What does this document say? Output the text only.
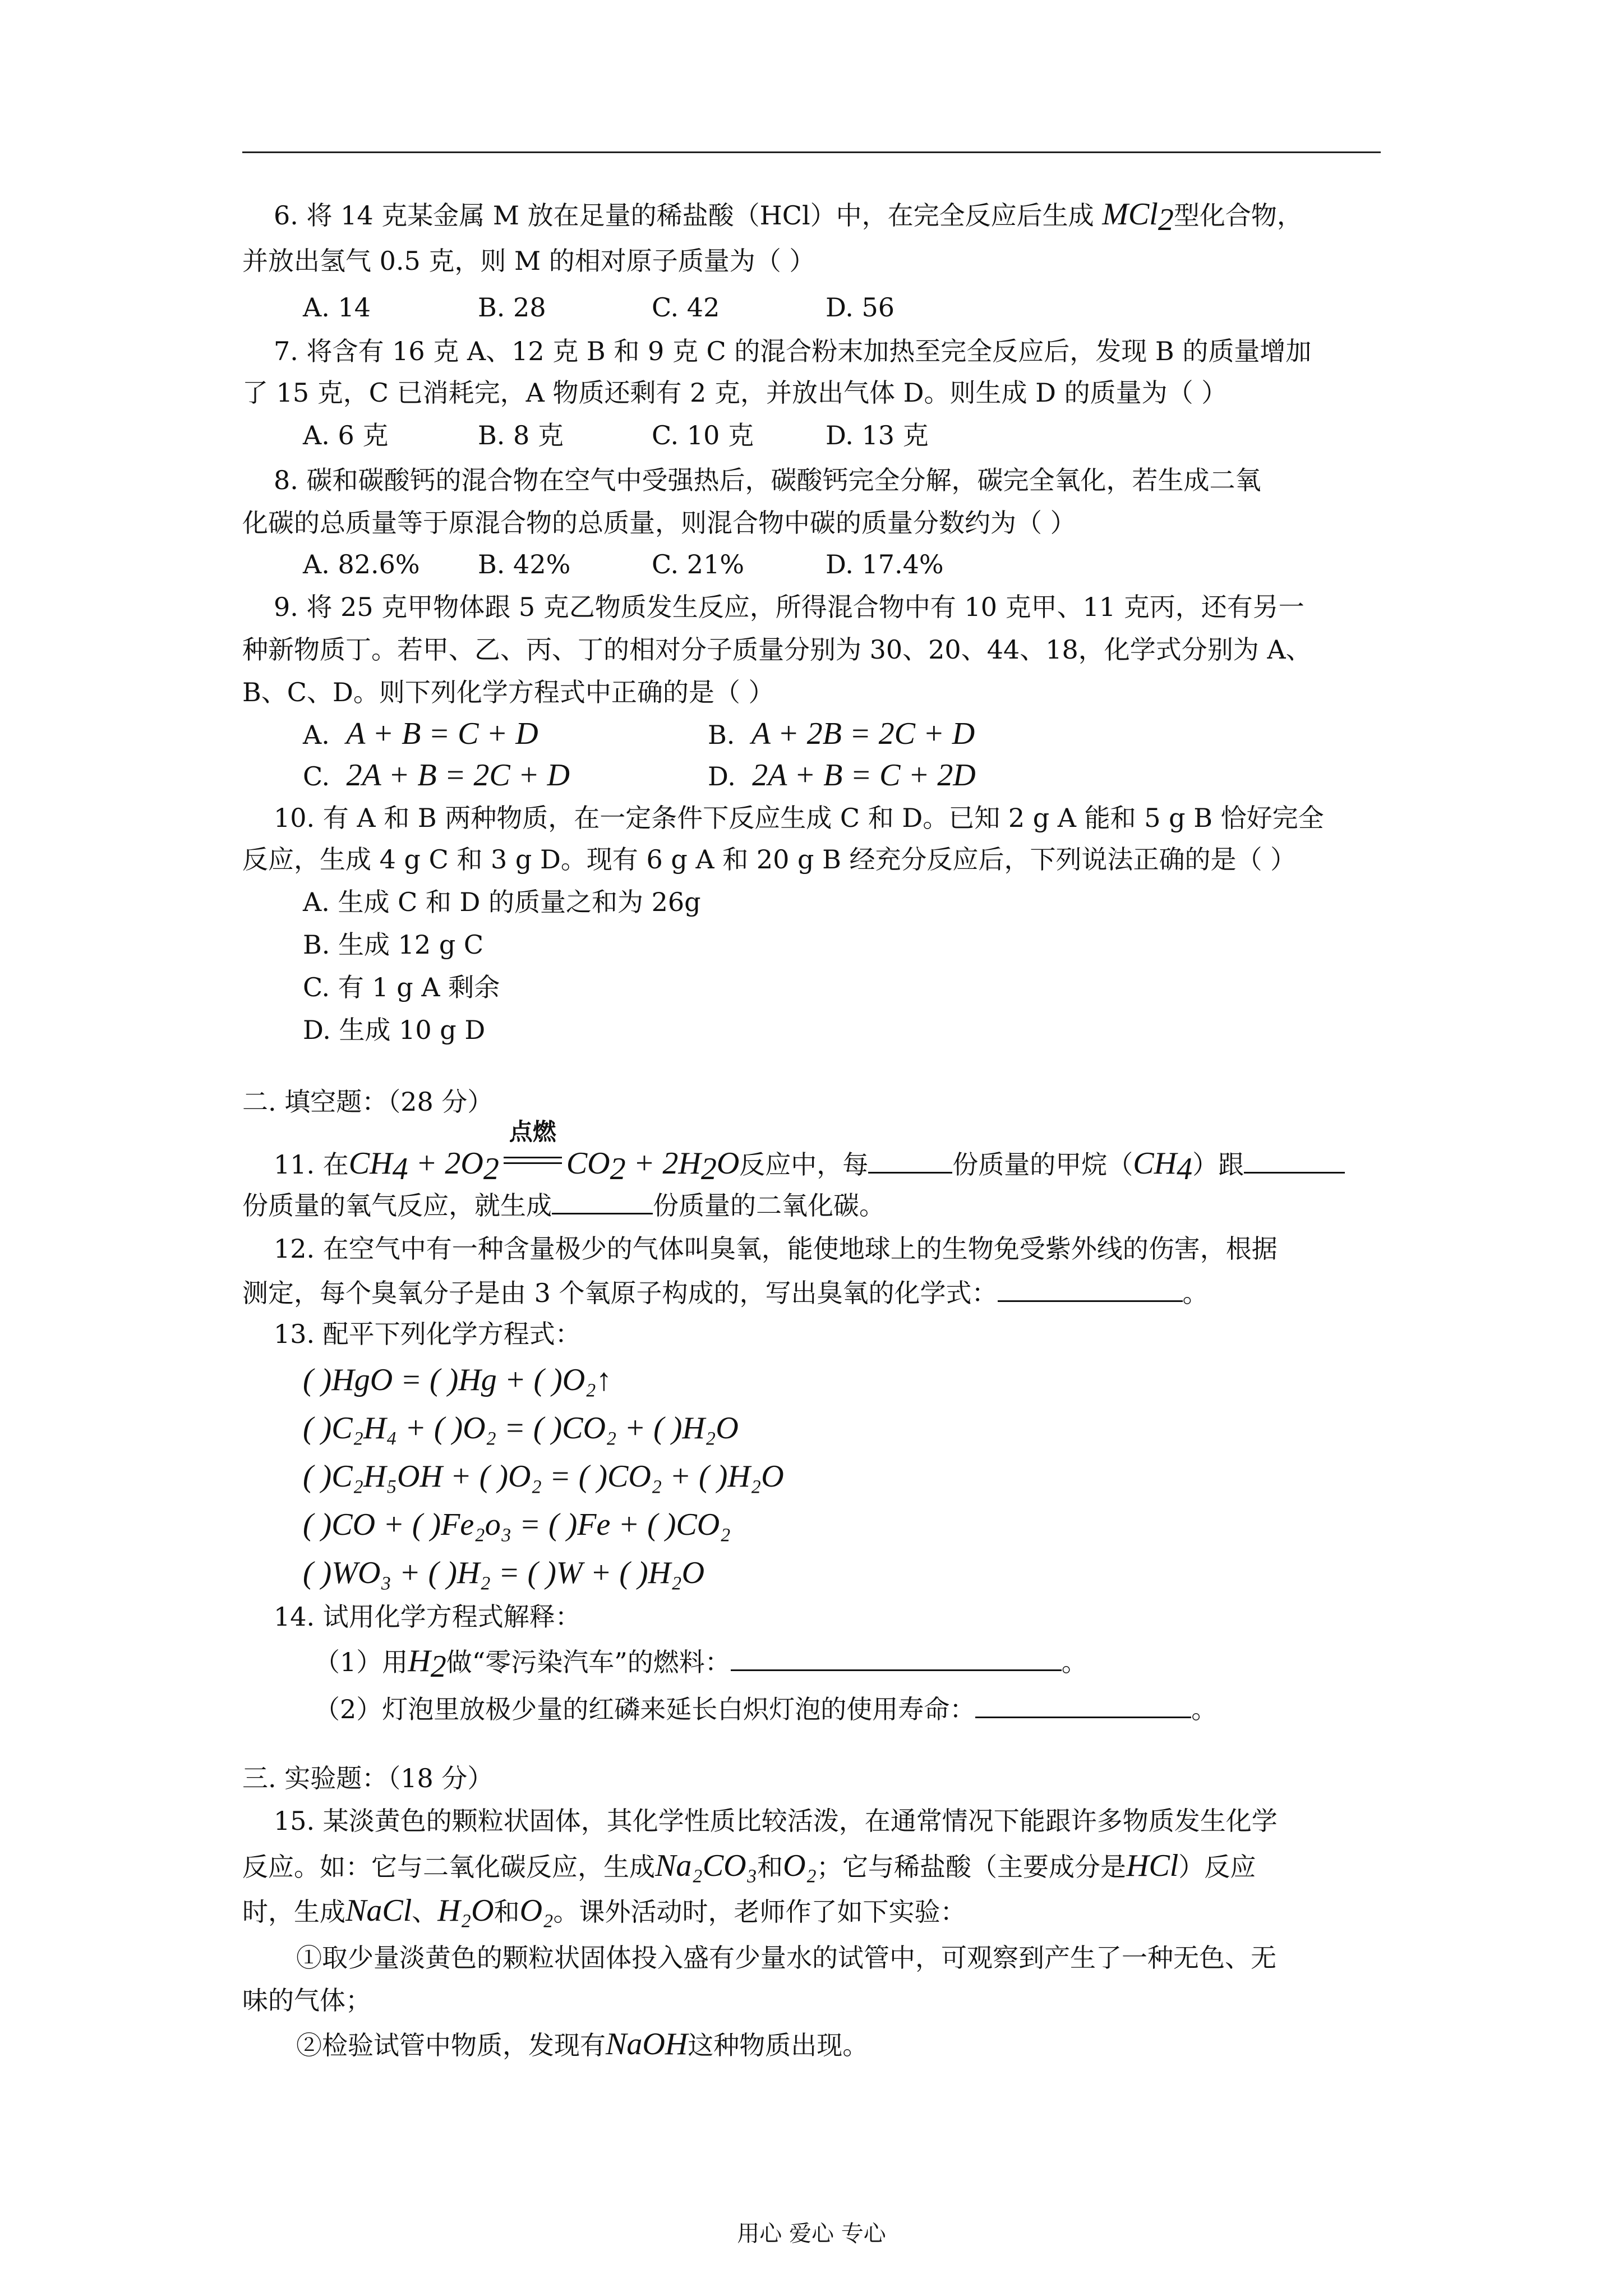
6. 将 14 克某金属 M 放在足量的稀盐酸（HCl）中，在完全反应后生成 MCl$_2$型化合物，
并放出氢气 0.5 克，则 M 的相对原子质量为（ ）
A. 14	B. 28	C. 42	D. 56
7. 将含有 16 克 A、12 克 B 和 9 克 C 的混合粉末加热至完全反应后，发现 B 的质量增加
了 15 克，C 已消耗完，A 物质还剩有 2 克，并放出气体 D。则生成 D 的质量为（ ）
A. 6 克	B. 8 克	C. 10 克	D. 13 克
8. 碳和碳酸钙的混合物在空气中受强热后，碳酸钙完全分解，碳完全氧化，若生成二氧
化碳的总质量等于原混合物的总质量，则混合物中碳的质量分数约为（ ）
A. 82.6% B. 42%	C. 21%	D. 17.4%
9. 将 25 克甲物体跟 5 克乙物质发生反应，所得混合物中有 10 克甲、11 克丙，还有另一
种新物质丁。若甲、乙、丙、丁的相对分子质量分别为 30、20、44、18，化学式分别为 A、
B、C、D。则下列化学方程式中正确的是（ ）
A. A + B = C + D	B. A + 2B = 2C + D
C. 2A + B = 2C + D	D. 2A + B = C + 2D
10. 有 A 和 B 两种物质，在一定条件下反应生成 C 和 D。已知 2 g A 能和 5 g B 恰好完全
反应，生成 4 g C 和 3 g D。现有 6 g A 和 20 g B 经充分反应后，下列说法正确的是（ ）
A. 生成 C 和 D 的质量之和为 26g
B. 生成 12 g C
C. 有 1 g A 剩余
D. 生成 10 g D
二. 填空题：（28 分）
11. 在$CH_4 + 2O_2$
点燃
$CO_2 + 2H_2O$反应中，每	份质量的甲烷$(CH_4)$跟
份质量的氧气反应，就生成	份质量的二氧化碳。
12. 在空气中有一种含量极少的气体叫臭氧，能使地球上的生物免受紫外线的伤害，根据
测定，每个臭氧分子是由 3 个氧原子构成的，写出臭氧的化学式：	。
13. 配平下列化学方程式：
( )HgO = ( )Hg + ( )O₂↑
( )C₂H₄ + ( )O₂ = ( )CO₂ + ( )H₂O
( )C₂H₅OH + ( )O₂ = ( )CO₂ + ( )H₂O
( )CO + ( )Fe₂o₃ = ( )Fe + ( )CO₂
( )WO₃ + ( )H₂ = ( )W + ( )H₂O
14. 试用化学方程式解释：
（1）用$H_2$做“零污染汽车”的燃料：	。
（2）灯泡里放极少量的红磷来延长白炽灯泡的使用寿命：	。
三. 实验题：（18 分）
15. 某淡黄色的颗粒状固体，其化学性质比较活泼，在通常情况下能跟许多物质发生化学
反应。如：它与二氧化碳反应，生成Na₂CO₃和O₂；它与稀盐酸（主要成分是HCl）反应
时，生成NaCl、H₂O和O₂。课外活动时，老师作了如下实验：
①取少量淡黄色的颗粒状固体投入盛有少量水的试管中，可观察到产生了一种无色、无
味的气体；
②检验试管中物质，发现有NaOH这种物质出现。
用心 爱心 专心
